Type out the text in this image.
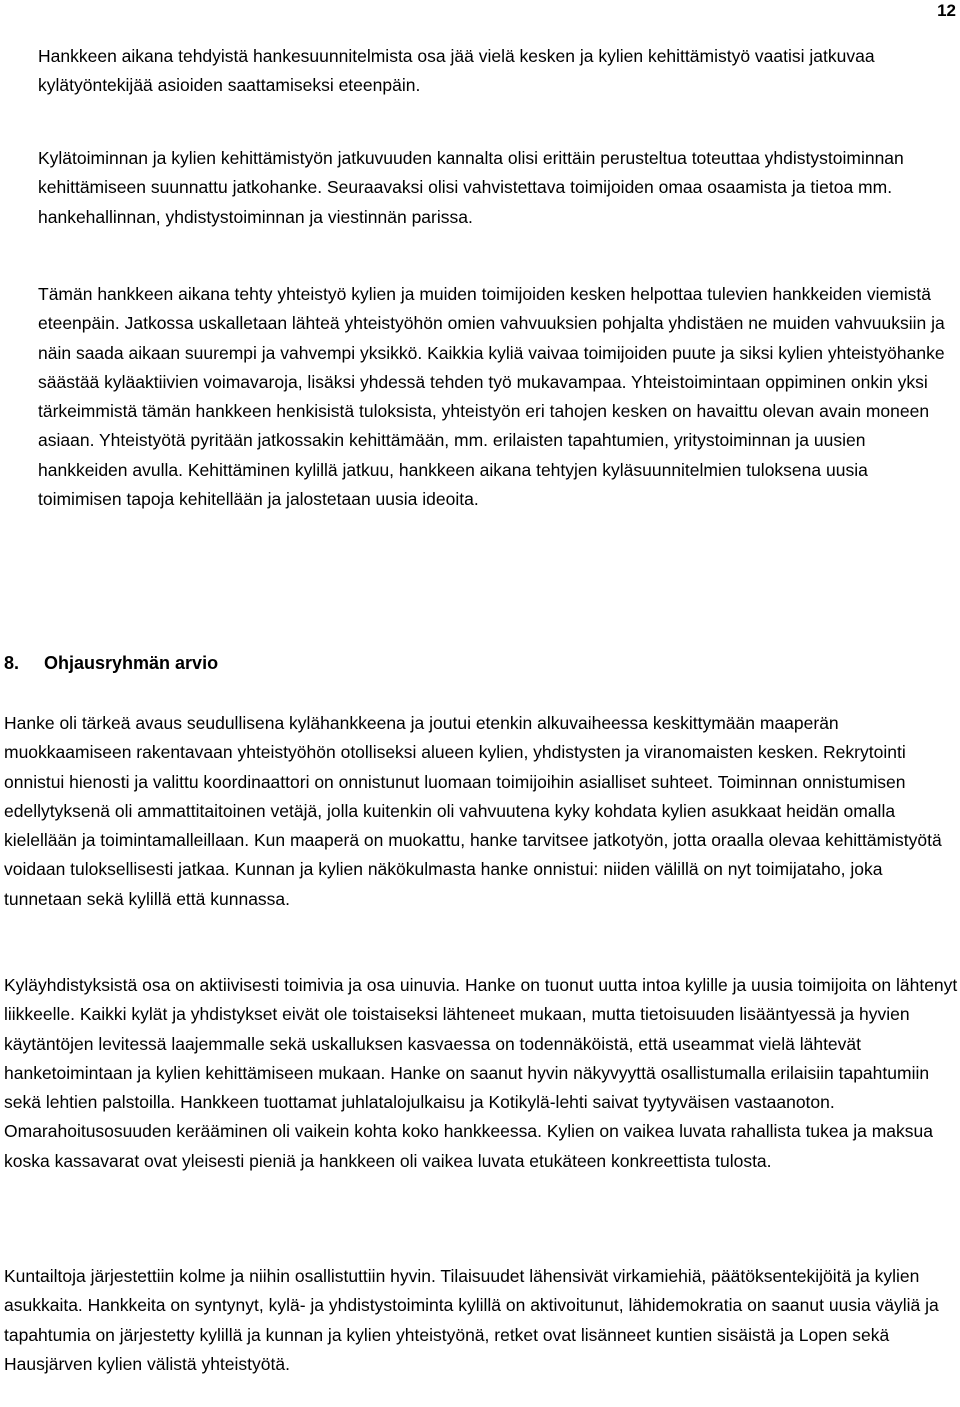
12

Hankkeen aikana tehdyistä hankesuunnitelmista osa jää vielä kesken ja kylien kehittämistyö vaatisi jatkuvaa kylätyöntekijää asioiden saattamiseksi eteenpäin.

Kylätoiminnan ja kylien kehittämistyön jatkuvuuden kannalta olisi erittäin perusteltua toteuttaa yhdistystoiminnan kehittämiseen suunnattu jatkohanke. Seuraavaksi olisi vahvistettava toimijoiden omaa osaamista ja tietoa mm. hankehallinnan, yhdistystoiminnan ja viestinnän parissa.

Tämän hankkeen aikana tehty yhteistyö kylien ja muiden toimijoiden kesken helpottaa tulevien hankkeiden viemistä eteenpäin. Jatkossa uskalletaan lähteä yhteistyöhön omien vahvuuksien pohjalta yhdistäen ne muiden vahvuuksiin ja näin saada aikaan suurempi ja vahvempi yksikkö. Kaikkia kyliä vaivaa toimijoiden puute ja siksi kylien yhteistyöhanke säästää kyläaktiivien voimavaroja, lisäksi yhdessä tehden työ mukavampaa. Yhteistoimintaan oppiminen onkin yksi tärkeimmistä tämän hankkeen henkisistä tuloksista, yhteistyön eri tahojen kesken on havaittu olevan avain moneen asiaan. Yhteistyötä pyritään jatkossakin kehittämään, mm. erilaisten tapahtumien, yritystoiminnan ja uusien hankkeiden avulla. Kehittäminen kylillä jatkuu, hankkeen aikana tehtyjen kyläsuunnitelmien tuloksena uusia toimimisen tapoja kehitellään ja jalostetaan uusia ideoita.

8. Ohjausryhmän arvio

Hanke oli tärkeä avaus seudullisena kylähankkeena ja joutui etenkin alkuvaiheessa keskittymään maaperän muokkaamiseen rakentavaan yhteistyöhön otolliseksi alueen kylien, yhdistysten ja viranomaisten kesken. Rekrytointi onnistui hienosti ja valittu koordinaattori on onnistunut luomaan toimijoihin asialliset suhteet. Toiminnan onnistumisen edellytyksenä oli ammattitaitoinen vetäjä, jolla kuitenkin oli vahvuutena kyky kohdata kylien asukkaat heidän omalla kielellään ja toimintamalleillaan. Kun maaperä on muokattu, hanke tarvitsee jatkotyön, jotta oraalla olevaa kehittämistyötä voidaan tuloksellisesti jatkaa. Kunnan ja kylien näkökulmasta hanke onnistui: niiden välillä on nyt toimijataho, joka tunnetaan sekä kylillä että kunnassa.

Kyläyhdistyksistä osa on aktiivisesti toimivia ja osa uinuvia. Hanke on tuonut uutta intoa kylille ja uusia toimijoita on lähtenyt liikkeelle. Kaikki kylät ja yhdistykset eivät ole toistaiseksi lähteneet mukaan, mutta tietoisuuden lisääntyessä ja hyvien käytäntöjen levitessä laajemmalle sekä uskalluksen kasvaessa on todennäköistä, että useammat vielä lähtevät hanketoimintaan ja kylien kehittämiseen mukaan. Hanke on saanut hyvin näkyvyyttä osallistumalla erilaisiin tapahtumiin sekä lehtien palstoilla. Hankkeen tuottamat juhlatalojulkaisu ja Kotikylä-lehti saivat tyytyväisen vastaanoton. Omarahoitusosuuden kerääminen oli vaikein kohta koko hankkeessa. Kylien on vaikea luvata rahallista tukea ja maksua koska kassavarat ovat yleisesti pieniä ja hankkeen oli vaikea luvata etukäteen konkreettista tulosta.

Kuntailtoja järjestettiin kolme ja niihin osallistuttiin hyvin. Tilaisuudet lähensivät virkamiehiä, päätöksentekijöitä ja kylien asukkaita. Hankkeita on syntynyt, kylä- ja yhdistystoiminta kylillä on aktivoitunut, lähidemokratia on saanut uusia väyliä ja tapahtumia on järjestetty kylillä ja kunnan ja kylien yhteistyönä, retket ovat lisänneet kuntien sisäistä ja Lopen sekä Hausjärven kylien välistä yhteistyötä.
